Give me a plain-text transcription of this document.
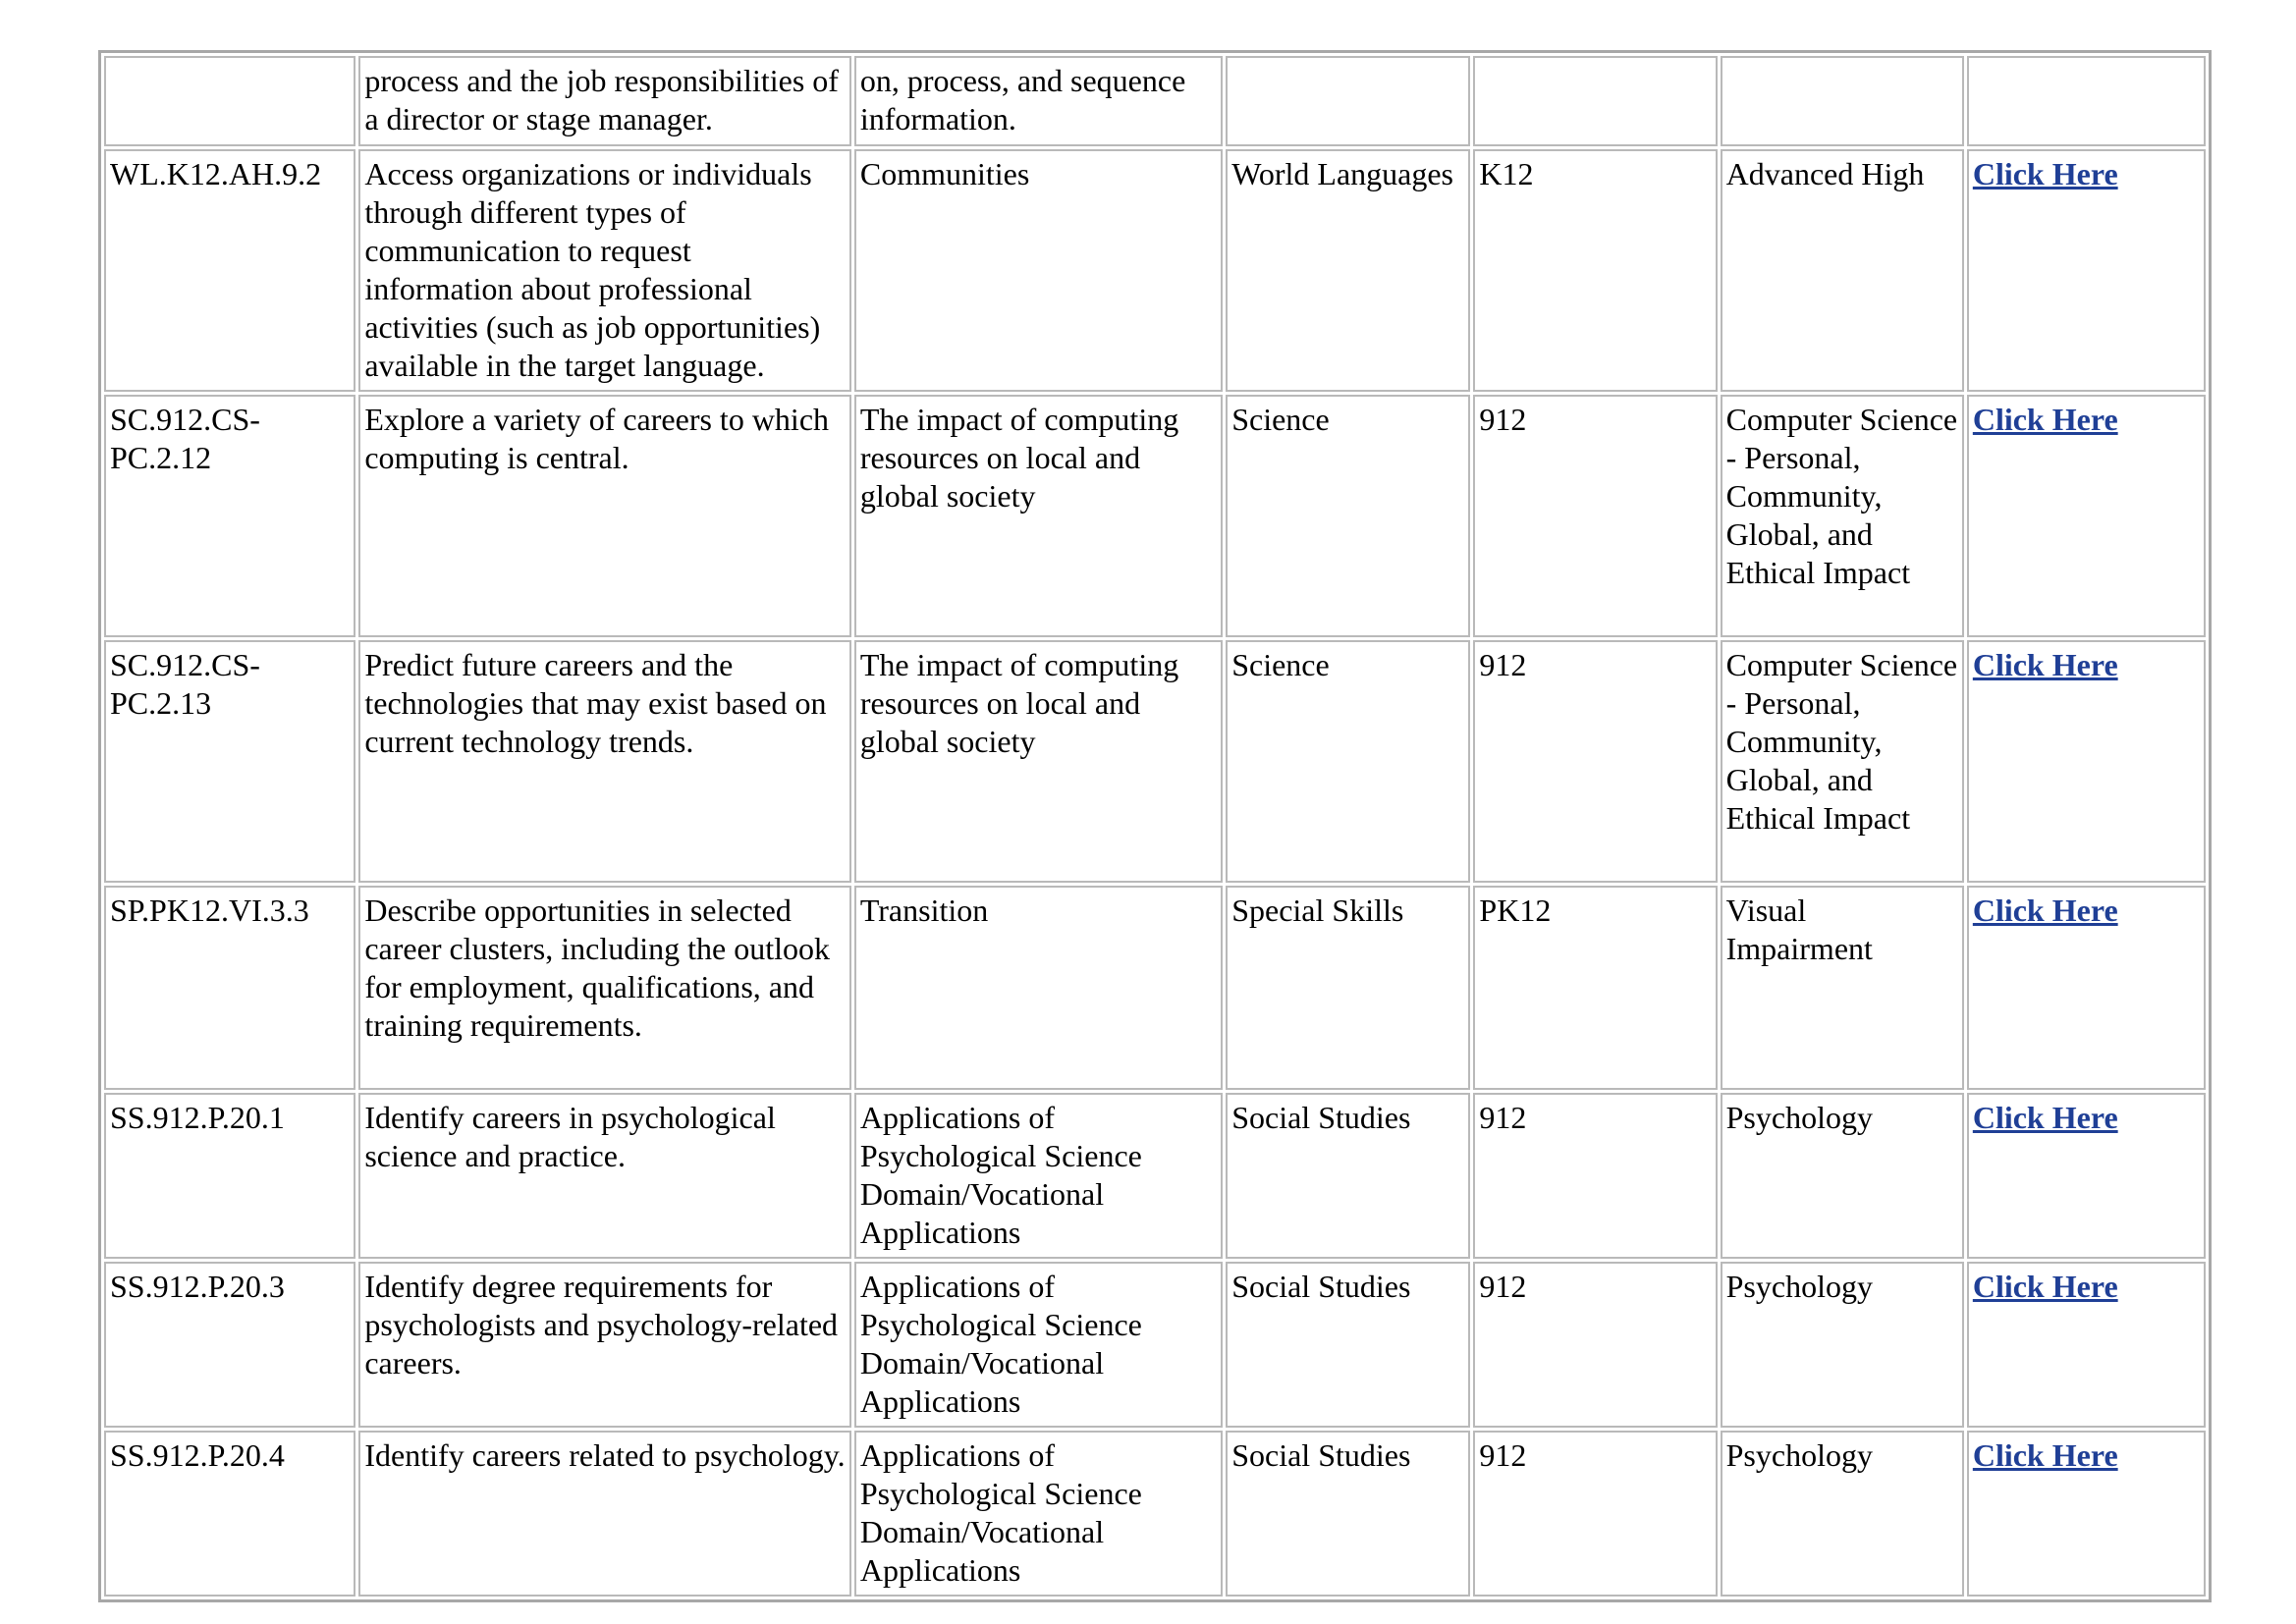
	process and the job responsibilities of a director or stage manager.	on, process, and sequence information.				
WL.K12.AH.9.2	Access organizations or individuals through different types of communication to request information about professional activities (such as job opportunities) available in the target language.	Communities	World Languages	K12	Advanced High	Click Here
SC.912.CS-PC.2.12	Explore a variety of careers to which computing is central.	The impact of computing resources on local and global society	Science	912	Computer Science - Personal, Community, Global, and Ethical Impact	Click Here
SC.912.CS-PC.2.13	Predict future careers and the technologies that may exist based on current technology trends.	The impact of computing resources on local and global society	Science	912	Computer Science - Personal, Community, Global, and Ethical Impact	Click Here
SP.PK12.VI.3.3	Describe opportunities in selected career clusters, including the outlook for employment, qualifications, and training requirements.	Transition	Special Skills	PK12	Visual Impairment	Click Here
SS.912.P.20.1	Identify careers in psychological science and practice.	Applications of Psychological Science Domain/Vocational Applications	Social Studies	912	Psychology	Click Here
SS.912.P.20.3	Identify degree requirements for psychologists and psychology-related careers.	Applications of Psychological Science Domain/Vocational Applications	Social Studies	912	Psychology	Click Here
SS.912.P.20.4	Identify careers related to psychology.	Applications of Psychological Science Domain/Vocational Applications	Social Studies	912	Psychology	Click Here
